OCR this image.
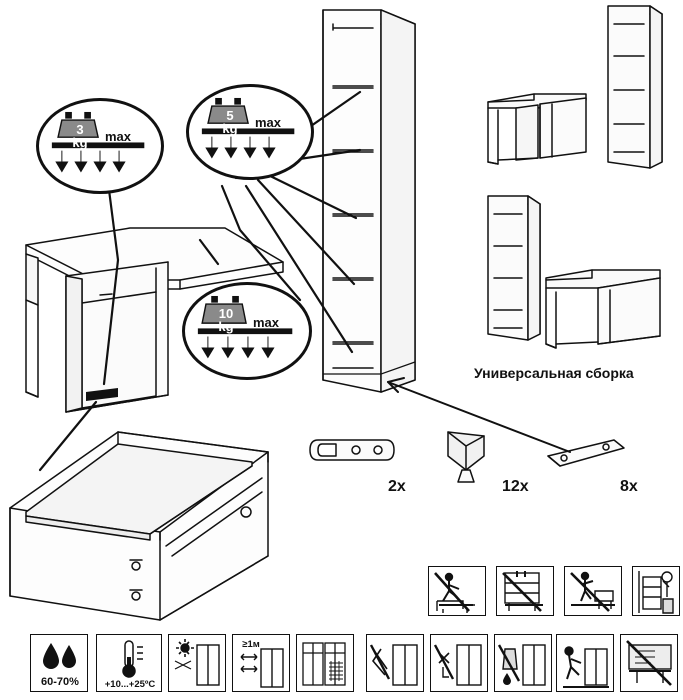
3
kg	max
5
kg	max
10
kg	max
Универсальная сборка
2x	12x	8x
60-70%	+10...+25ºC
≥1м
